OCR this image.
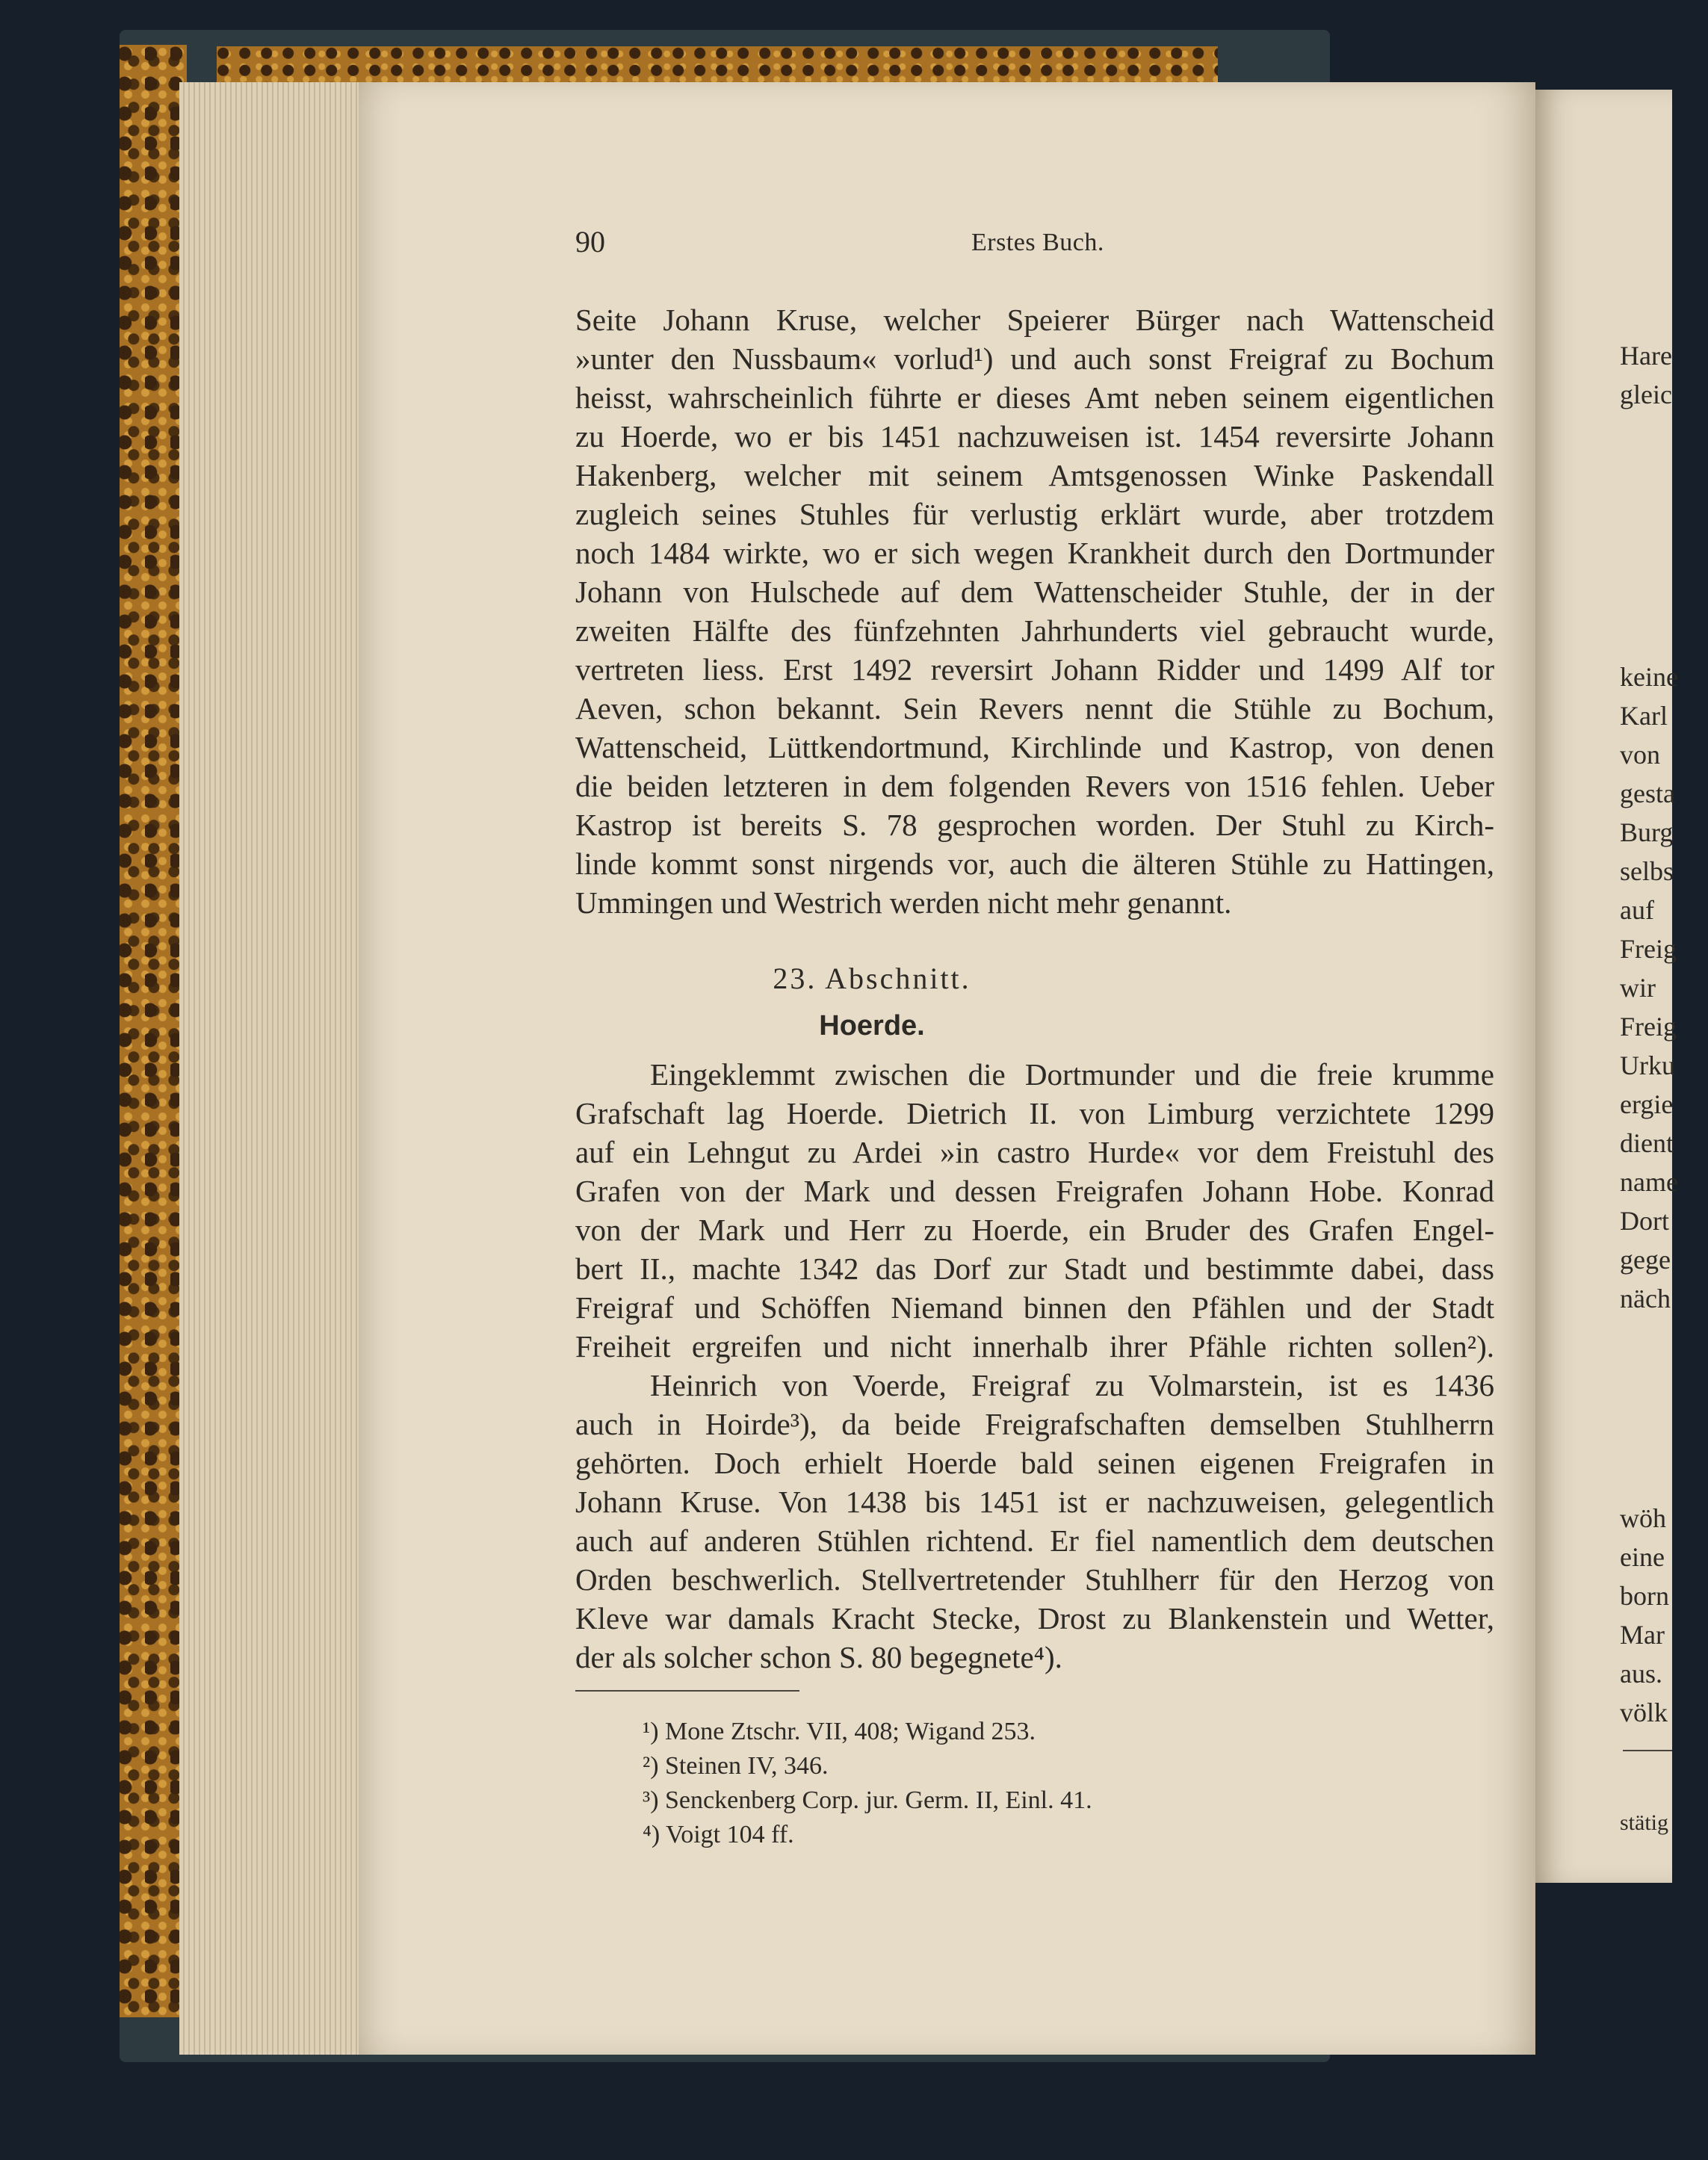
90	Erstes Buch.
Seite Johann Kruse, welcher Speierer Bürger nach Wattenscheid
»unter den Nussbaum« vorlud¹) und auch sonst Freigraf zu Bochum
heisst, wahrscheinlich führte er dieses Amt neben seinem eigentlichen
zu Hoerde, wo er bis 1451 nachzuweisen ist. 1454 reversirte Johann
Hakenberg, welcher mit seinem Amtsgenossen Winke Paskendall
zugleich seines Stuhles für verlustig erklärt wurde, aber trotzdem
noch 1484 wirkte, wo er sich wegen Krankheit durch den Dortmunder
Johann von Hulschede auf dem Wattenscheider Stuhle, der in der
zweiten Hälfte des fünfzehnten Jahrhunderts viel gebraucht wurde,
vertreten liess. Erst 1492 reversirt Johann Ridder und 1499 Alf tor
Aeven, schon bekannt. Sein Revers nennt die Stühle zu Bochum,
Wattenscheid, Lüttkendortmund, Kirchlinde und Kastrop, von denen
die beiden letzteren in dem folgenden Revers von 1516 fehlen. Ueber
Kastrop ist bereits S. 78 gesprochen worden. Der Stuhl zu Kirch-
linde kommt sonst nirgends vor, auch die älteren Stühle zu Hattingen,
Ummingen und Westrich werden nicht mehr genannt.
23. Abschnitt.
Hoerde.
Eingeklemmt zwischen die Dortmunder und die freie krumme
Grafschaft lag Hoerde. Dietrich II. von Limburg verzichtete 1299
auf ein Lehngut zu Ardei »in castro Hurde« vor dem Freistuhl des
Grafen von der Mark und dessen Freigrafen Johann Hobe. Konrad
von der Mark und Herr zu Hoerde, ein Bruder des Grafen Engel-
bert II., machte 1342 das Dorf zur Stadt und bestimmte dabei, dass
Freigraf und Schöffen Niemand binnen den Pfählen und der Stadt
Freiheit ergreifen und nicht innerhalb ihrer Pfähle richten sollen²).
Heinrich von Voerde, Freigraf zu Volmarstein, ist es 1436
auch in Hoirde³), da beide Freigrafschaften demselben Stuhlherrn
gehörten. Doch erhielt Hoerde bald seinen eigenen Freigrafen in
Johann Kruse. Von 1438 bis 1451 ist er nachzuweisen, gelegentlich
auch auf anderen Stühlen richtend. Er fiel namentlich dem deutschen
Orden beschwerlich. Stellvertretender Stuhlherr für den Herzog von
Kleve war damals Kracht Stecke, Drost zu Blankenstein und Wetter,
der als solcher schon S. 80 begegnete⁴).
¹) Mone Ztschr. VII, 408; Wigand 253.
²) Steinen IV, 346.
³) Senckenberg Corp. jur. Germ. II, Einl. 41.
⁴) Voigt 104 ff.
Hare
gleic
keine
Karl
von
gesta
Burg
selbs
auf
Freig
wir
Freig
Urku
ergie
dient
name
Dort
gege
näch
wöh
eine
born
Mar
aus.
völk
stätig
